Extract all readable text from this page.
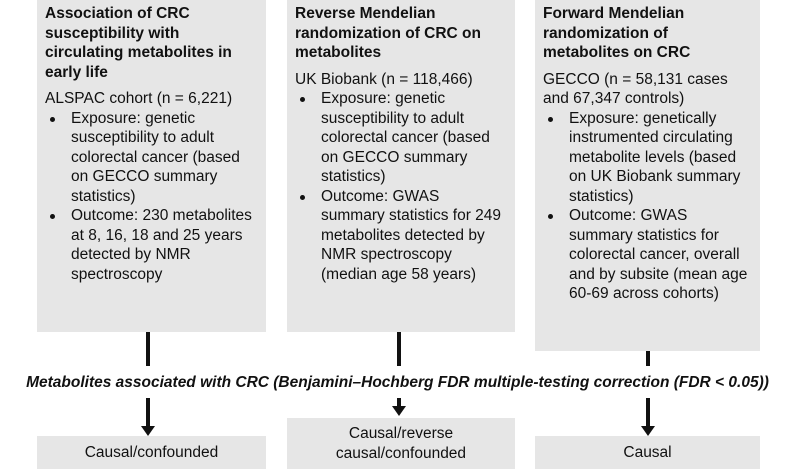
Association of CRC susceptibility with circulating metabolites in early life
ALSPAC cohort (n = 6,221)
Exposure: genetic susceptibility to adult colorectal cancer (based on GECCO summary statistics)
Outcome: 230 metabolites at 8, 16, 18 and 25 years detected by NMR spectroscopy
Reverse Mendelian randomization of CRC on metabolites
UK Biobank (n = 118,466)
Exposure: genetic susceptibility to adult colorectal cancer (based on GECCO summary statistics)
Outcome: GWAS summary statistics for 249 metabolites detected by NMR spectroscopy (median age 58 years)
Forward Mendelian randomization of metabolites on CRC
GECCO (n = 58,131 cases and 67,347 controls)
Exposure: genetically instrumented circulating metabolite levels (based on UK Biobank summary statistics)
Outcome: GWAS summary statistics for colorectal cancer, overall and by subsite (mean age 60-69 across cohorts)
Metabolites associated with CRC (Benjamini–Hochberg FDR multiple-testing correction (FDR < 0.05))
Causal/confounded
Causal/reverse causal/confounded	Causal
